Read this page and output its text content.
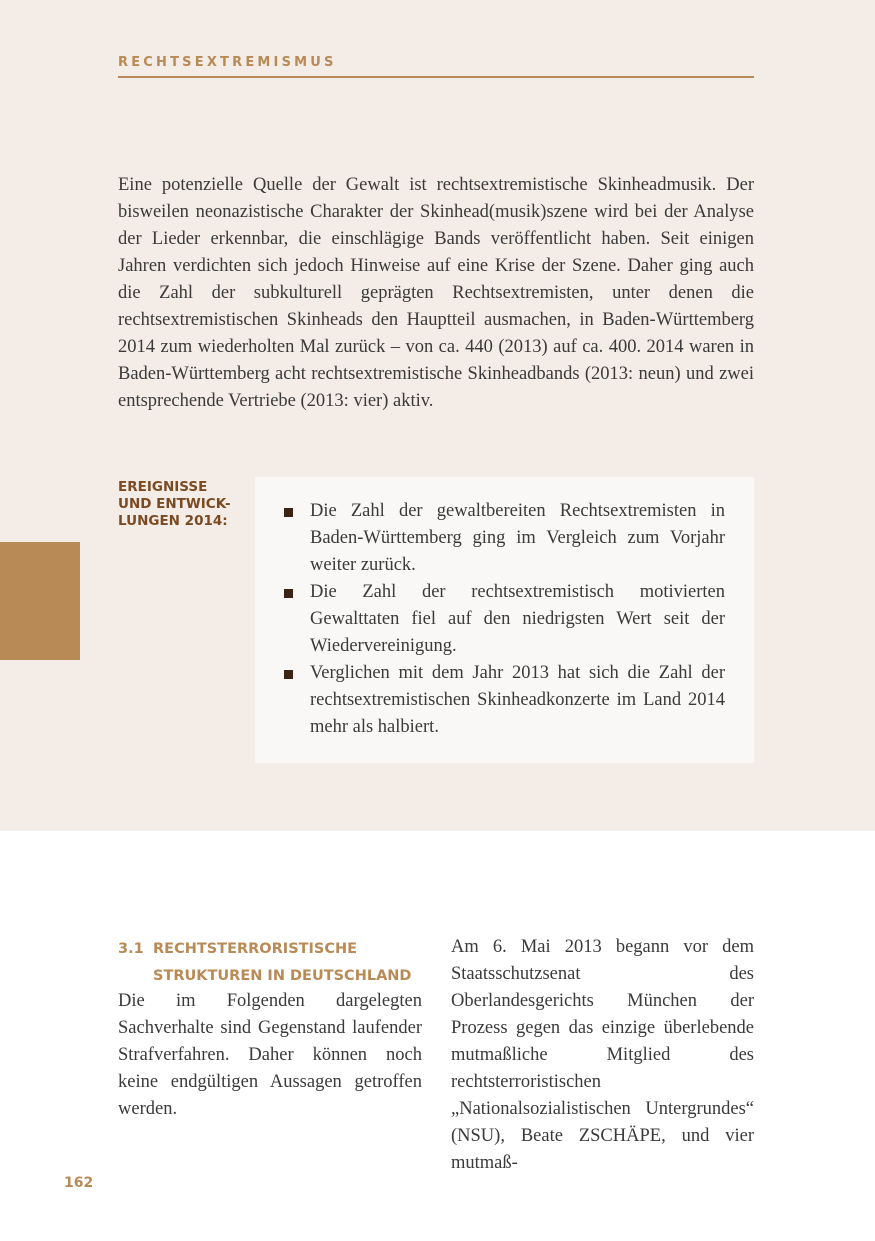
RECHTSEXTREMISMUS

Eine potenzielle Quelle der Gewalt ist rechtsextremistische Skinheadmusik. Der bisweilen neonazistische Charakter der Skinhead(musik)szene wird bei der Analyse der Lieder erkennbar, die einschlägige Bands veröffentlicht haben. Seit einigen Jahren verdichten sich jedoch Hinweise auf eine Krise der Szene. Daher ging auch die Zahl der subkulturell geprägten Rechtsextremisten, unter denen die rechtsextremistischen Skinheads den Hauptteil ausmachen, in Baden-Württemberg 2014 zum wiederholten Mal zurück – von ca. 440 (2013) auf ca. 400. 2014 waren in Baden-Württemberg acht rechtsextremistische Skinheadbands (2013: neun) und zwei entsprechende Vertriebe (2013: vier) aktiv.

EREIGNISSE
UND ENTWICK-
LUNGEN 2014:	Die Zahl der gewaltbereiten Rechtsextremisten in Baden-Württemberg ging im Vergleich zum Vorjahr weiter zurück.
Die Zahl der rechtsextremistisch motivierten Gewalttaten fiel auf den niedrigsten Wert seit der Wiedervereinigung.
Verglichen mit dem Jahr 2013 hat sich die Zahl der rechtsextremistischen Skinheadkonzerte im Land 2014 mehr als halbiert.
3.1 RECHTSTERRORISTISCHE
STRUKTUREN IN DEUTSCHLAND

Die im Folgenden dargelegten Sachverhalte sind Gegenstand laufender Strafverfahren. Daher können noch keine endgültigen Aussagen getroffen werden.

Am 6. Mai 2013 begann vor dem Staatsschutzsenat des Oberlandesgerichts München der Prozess gegen das einzige überlebende mutmaßliche Mitglied des rechtsterroristischen „Nationalsozialistischen Untergrundes“ (NSU), Beate ZSCHÄPE, und vier mutmaß-

162
